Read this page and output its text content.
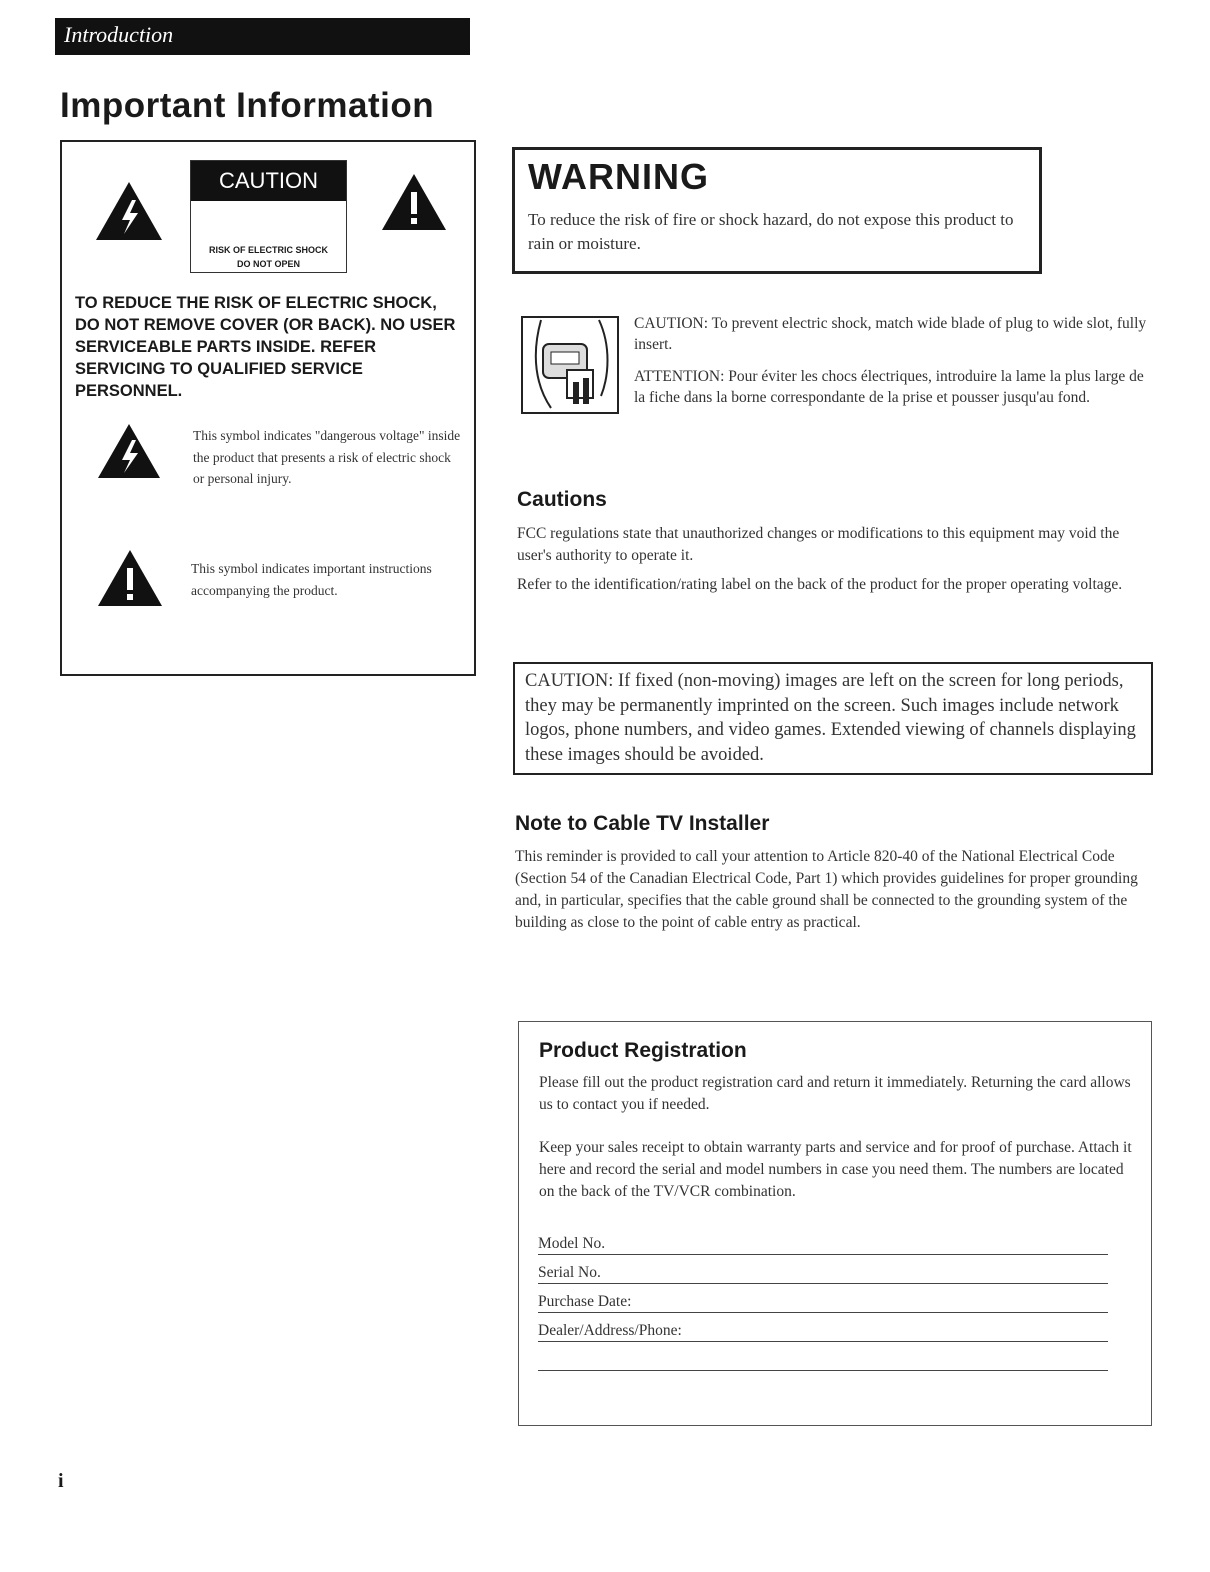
Introduction
Important Information
CAUTION
RISK OF ELECTRIC SHOCK
DO NOT OPEN
TO REDUCE THE RISK OF ELECTRIC SHOCK, DO NOT REMOVE COVER (OR BACK). NO USER SERVICEABLE PARTS INSIDE. REFER SERVICING TO QUALIFIED SERVICE PERSONNEL.
This symbol indicates "dangerous voltage" inside the product that presents a risk of electric shock or personal injury.
This symbol indicates important instructions accompanying the product.
WARNING
To reduce the risk of fire or shock hazard, do not expose this product to rain or moisture.
CAUTION: To prevent electric shock, match wide blade of plug to wide slot, fully insert.
ATTENTION: Pour éviter les chocs électriques, introduire la lame la plus large de la fiche dans la borne correspondante de la prise et pousser jusqu'au fond.
Cautions
FCC regulations state that unauthorized changes or modifications to this equipment may void the user's authority to operate it.
Refer to the identification/rating label on the back of the product for the proper operating voltage.
CAUTION: If fixed (non-moving) images are left on the screen for long periods, they may be permanently imprinted on the screen. Such images include network logos, phone numbers, and video games. Extended viewing of channels displaying these images should be avoided.
Note to Cable TV Installer
This reminder is provided to call your attention to Article 820-40 of the National Electrical Code (Section 54 of the Canadian Electrical Code, Part 1) which provides guidelines for proper grounding and, in particular, specifies that the cable ground shall be connected to the grounding system of the building as close to the point of cable entry as practical.
Product Registration
Please fill out the product registration card and return it immediately. Returning the card allows us to contact you if needed.
Keep your sales receipt to obtain warranty parts and service and for proof of purchase. Attach it here and record the serial and model numbers in case you need them. The numbers are located on the back of the TV/VCR combination.
Model No.
Serial No.
Purchase Date:
Dealer/Address/Phone:
i
